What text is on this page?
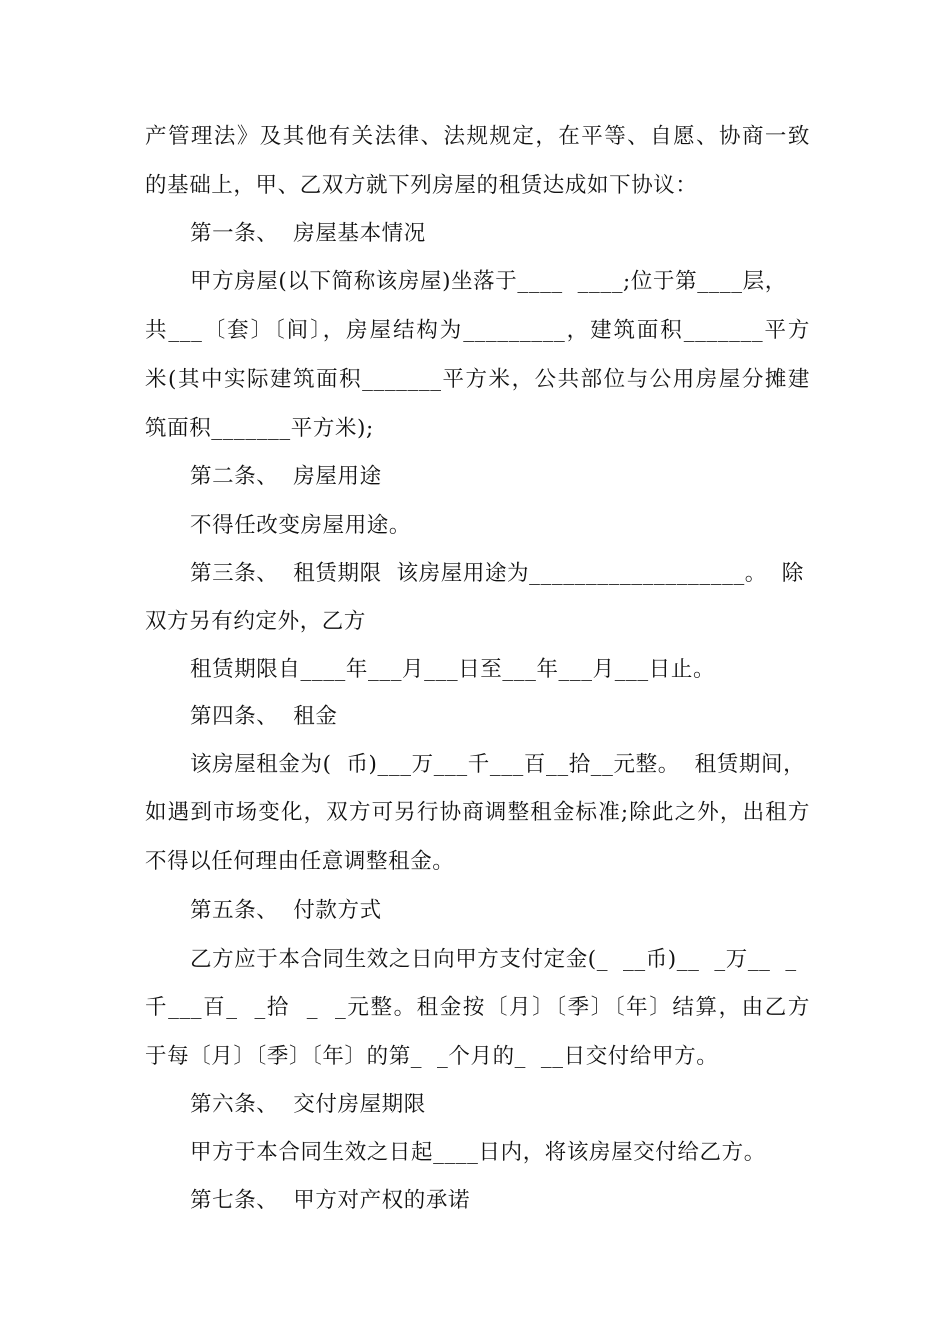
产管理法》及其他有关法律、法规规定，在平等、自愿、协商一致
的基础上，甲、乙双方就下列房屋的租赁达成如下协议：
第一条、  房屋基本情况
甲方房屋(以下简称该房屋)坐落于____  ____;位于第____层，
共___〔套〕〔间〕，房屋结构为_________，建筑面积_______平方
米(其中实际建筑面积_______平方米，公共部位与公用房屋分摊建
筑面积_______平方米);
第二条、  房屋用途
不得任改变房屋用途。
第三条、  租赁期限  该房屋用途为___________________。  除
双方另有约定外，乙方
租赁期限自____年___月___日至___年___月___日止。
第四条、  租金
该房屋租金为(  币)___万___千___百__拾__元整。  租赁期间，
如遇到市场变化，双方可另行协商调整租金标准;除此之外，出租方
不得以任何理由任意调整租金。
第五条、  付款方式
乙方应于本合同生效之日向甲方支付定金(_  __币)__  _万__  _
千___百_  _拾  _  _元整。租金按〔月〕〔季〕〔年〕结算，由乙方
于每〔月〕〔季〕〔年〕的第_  _个月的_  __日交付给甲方。
第六条、  交付房屋期限
甲方于本合同生效之日起____日内，将该房屋交付给乙方。
第七条、  甲方对产权的承诺
